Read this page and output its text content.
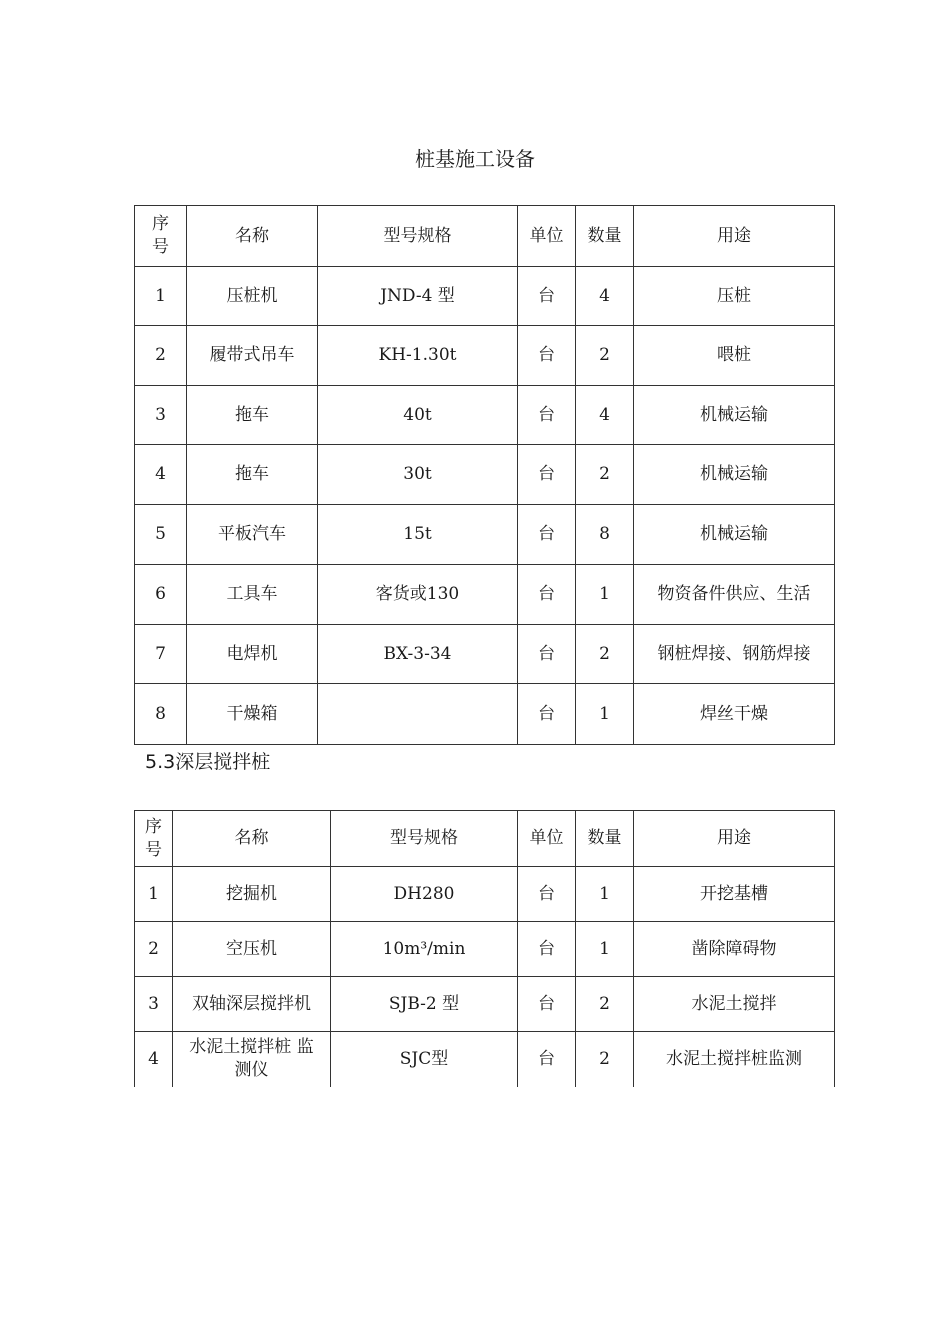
桩基施工设备
序
号	名称	型号规格	单位	数量	用途
1	压桩机	JND-4 型	台	4	压桩
2	履带式吊车	KH-1.30t	台	2	喂桩
3	拖车	40t	台	4	机械运输
4	拖车	30t	台	2	机械运输
5	平板汽车	15t	台	8	机械运输
6	工具车	客货或130	台	1	物资备件供应、生活
7	电焊机	BX-3-34	台	2	钢桩焊接、钢筋焊接
8	干燥箱		台	1	焊丝干燥
5.3深层搅拌桩
序
号	名称	型号规格	单位	数量	用途
1	挖掘机	DH280	台	1	开挖基槽
2	空压机	10m³/min	台	1	凿除障碍物
3	双轴深层搅拌机	SJB-2 型	台	2	水泥土搅拌
4	水泥土搅拌桩 监
测仪	SJC型	台	2	水泥土搅拌桩监测
